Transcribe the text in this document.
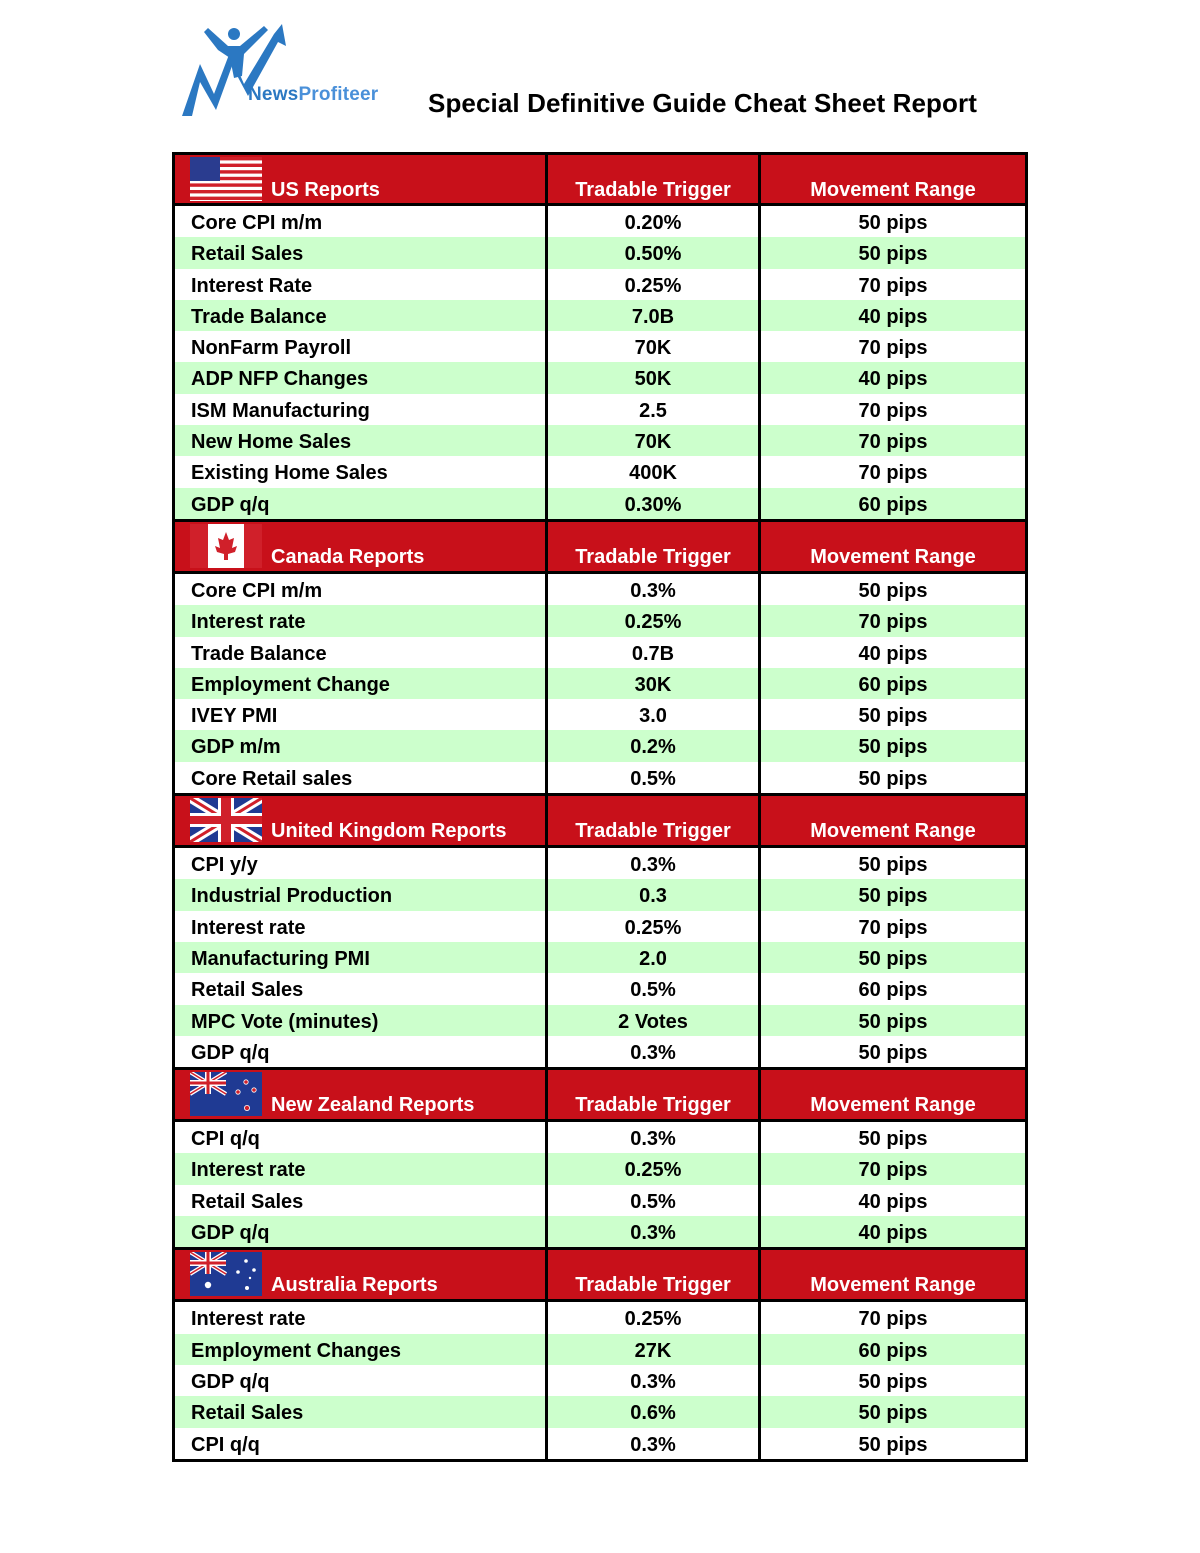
NewsProfiteer Special Definitive Guide Cheat Sheet Report
US Reports	Tradable Trigger	Movement Range
Core CPI m/m	0.20%	50 pips
Retail Sales	0.50%	50 pips
Interest Rate	0.25%	70 pips
Trade Balance	7.0B	40 pips
NonFarm Payroll	70K	70 pips
ADP NFP Changes	50K	40 pips
ISM Manufacturing	2.5	70 pips
New Home Sales	70K	70 pips
Existing Home Sales	400K	70 pips
GDP q/q	0.30%	60 pips
Canada Reports	Tradable Trigger	Movement Range
Core CPI m/m	0.3%	50 pips
Interest rate	0.25%	70 pips
Trade Balance	0.7B	40 pips
Employment Change	30K	60 pips
IVEY PMI	3.0	50 pips
GDP m/m	0.2%	50 pips
Core Retail sales	0.5%	50 pips
United Kingdom Reports	Tradable Trigger	Movement Range
CPI y/y	0.3%	50 pips
Industrial Production	0.3	50 pips
Interest rate	0.25%	70 pips
Manufacturing PMI	2.0	50 pips
Retail Sales	0.5%	60 pips
MPC Vote (minutes)	2 Votes	50 pips
GDP q/q	0.3%	50 pips
New Zealand Reports	Tradable Trigger	Movement Range
CPI q/q	0.3%	50 pips
Interest rate	0.25%	70 pips
Retail Sales	0.5%	40 pips
GDP q/q	0.3%	40 pips
Australia Reports	Tradable Trigger	Movement Range
Interest rate	0.25%	70 pips
Employment Changes	27K	60 pips
GDP q/q	0.3%	50 pips
Retail Sales	0.6%	50 pips
CPI q/q	0.3%	50 pips
